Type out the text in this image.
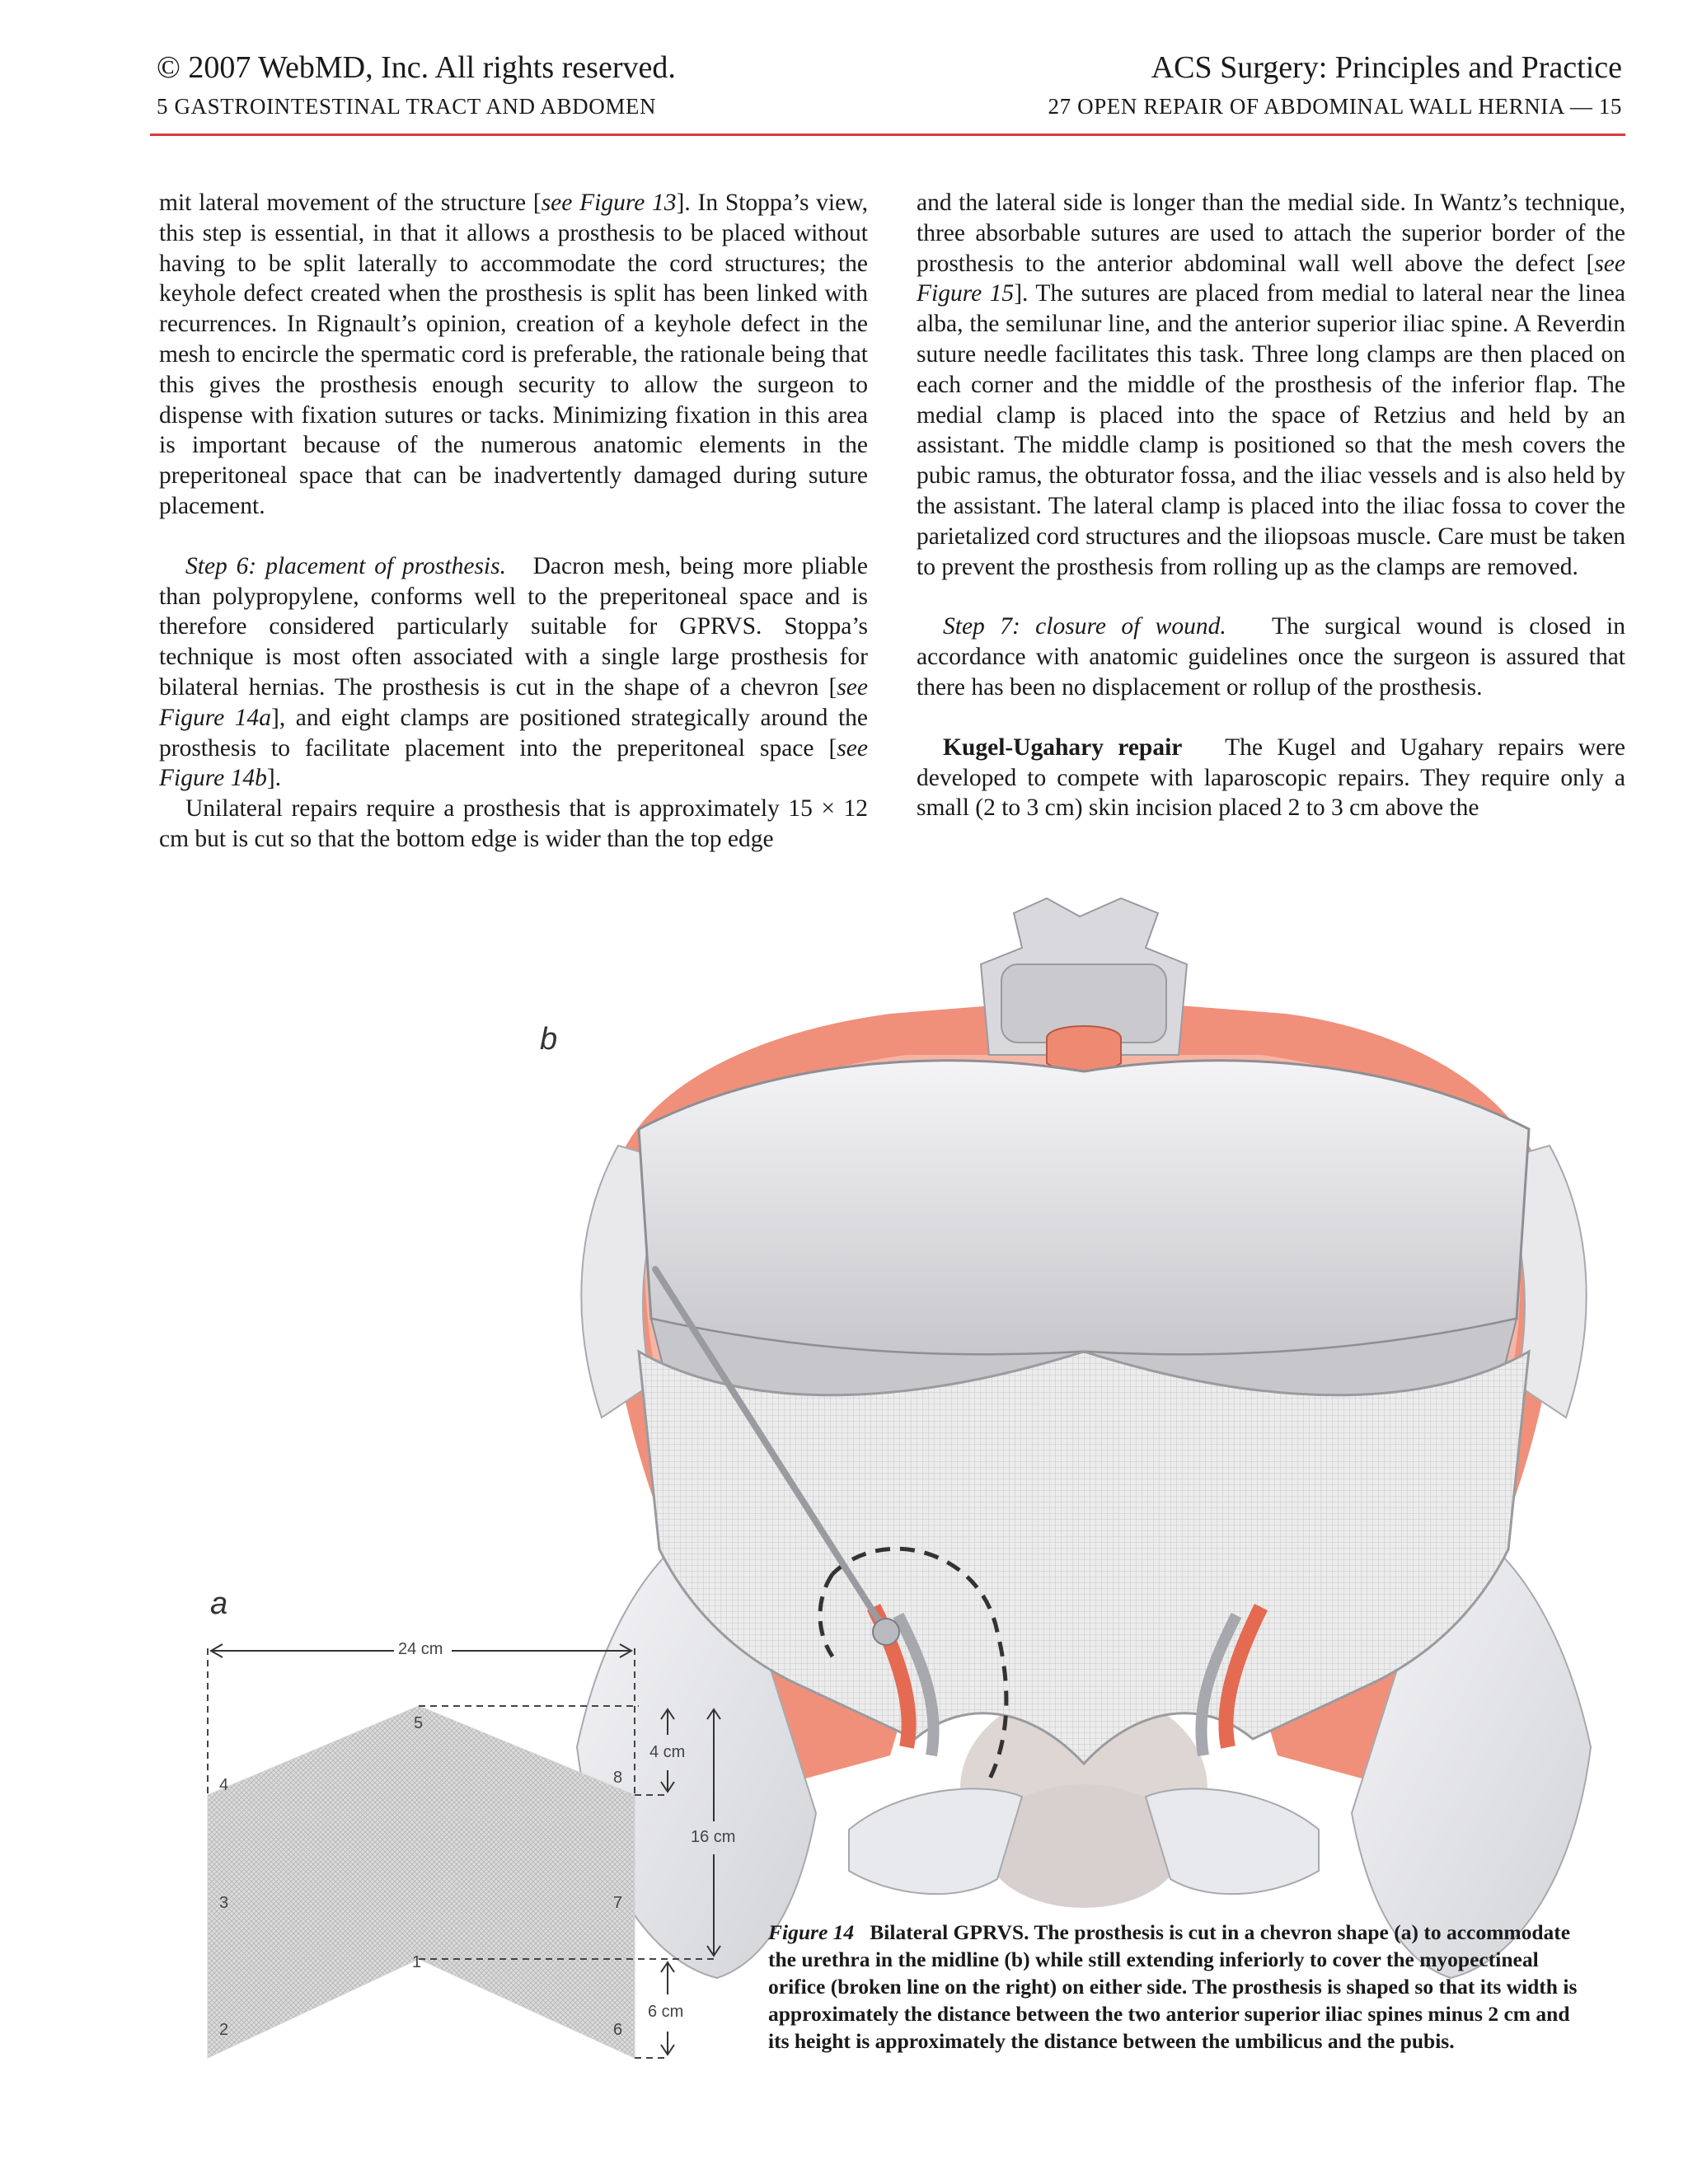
© 2007 WebMD, Inc. All rights reserved.	ACS Surgery: Principles and Practice
5 GASTROINTESTINAL TRACT AND ABDOMEN	27 OPEN REPAIR OF ABDOMINAL WALL HERNIA — 15

mit lateral movement of the structure [see Figure 13]. In Stoppa’s view, this step is essential, in that it allows a prosthesis to be placed without having to be split laterally to accommodate the cord structures; the keyhole defect created when the prosthesis is split has been linked with recurrences. In Rignault’s opinion, creation of a keyhole defect in the mesh to encircle the spermatic cord is preferable, the rationale being that this gives the prosthesis enough security to allow the surgeon to dispense with fixation sutures or tacks. Minimizing fixation in this area is important because of the numerous anatomic elements in the preperitoneal space that can be inadvertently damaged during suture placement.

Step 6: placement of prosthesis. Dacron mesh, being more pliable than polypropylene, conforms well to the preperitoneal space and is therefore considered particularly suitable for GPRVS. Stoppa’s technique is most often associated with a single large prosthesis for bilateral hernias. The prosthesis is cut in the shape of a chevron [see Figure 14a], and eight clamps are positioned strategically around the prosthesis to facilitate placement into the preperitoneal space [see Figure 14b].

Unilateral repairs require a prosthesis that is approximately 15 × 12 cm but is cut so that the bottom edge is wider than the top edge

and the lateral side is longer than the medial side. In Wantz’s technique, three absorbable sutures are used to attach the superior border of the prosthesis to the anterior abdominal wall well above the defect [see Figure 15]. The sutures are placed from medial to lateral near the linea alba, the semilunar line, and the anterior superior iliac spine. A Reverdin suture needle facilitates this task. Three long clamps are then placed on each corner and the middle of the prosthesis of the inferior flap. The medial clamp is placed into the space of Retzius and held by an assistant. The middle clamp is positioned so that the mesh covers the pubic ramus, the obturator fossa, and the iliac vessels and is also held by the assistant. The lateral clamp is placed into the iliac fossa to cover the parietalized cord structures and the iliopsoas muscle. Care must be taken to prevent the prosthesis from rolling up as the clamps are removed.

Step 7: closure of wound. The surgical wound is closed in accordance with anatomic guidelines once the surgeon is assured that there has been no displacement or rollup of the prosthesis.

Kugel-Ugahary repair The Kugel and Ugahary repairs were developed to compete with laparoscopic repairs. They require only a small (2 to 3 cm) skin incision placed 2 to 3 cm above the

b
a
24 cm
4 cm
16 cm
6 cm
5
4	8
3	7
1
2	6
Figure 14 Bilateral GPRVS. The prosthesis is cut in a chevron shape (a) to accommodate the urethra in the midline (b) while still extending inferiorly to cover the myopectineal orifice (broken line on the right) on either side. The prosthesis is shaped so that its width is approximately the distance between the two anterior superior iliac spines minus 2 cm and its height is approximately the distance between the umbilicus and the pubis.
